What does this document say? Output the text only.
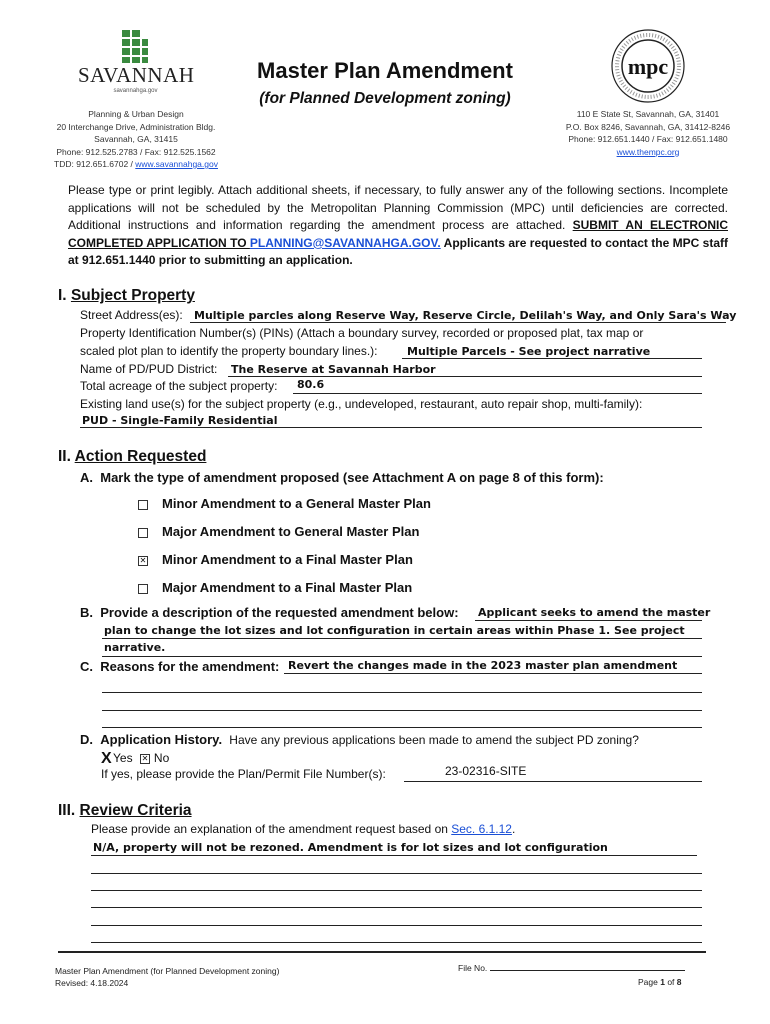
SAVANNAH
savannahga.gov
Planning & Urban Design
20 Interchange Drive, Administration Bldg.
Savannah, GA, 31415
Phone: 912.525.2783 / Fax: 912.525.1562
TDD: 912.651.6702 / www.savannahga.gov
Master Plan Amendment
(for Planned Development zoning)
mpc
110 E State St, Savannah, GA, 31401
P.O. Box 8246, Savannah, GA, 31412-8246
Phone: 912.651.1440 / Fax: 912.651.1480
www.thempc.org
Please type or print legibly. Attach additional sheets, if necessary, to fully answer any of the following sections. Incomplete applications will not be scheduled by the Metropolitan Planning Commission (MPC) until deficiencies are corrected. Additional instructions and information regarding the amendment process are attached. SUBMIT AN ELECTRONIC COMPLETED APPLICATION TO PLANNING@SAVANNAHGA.GOV. Applicants are requested to contact the MPC staff at 912.651.1440 prior to submitting an application.
I. Subject Property
Street Address(es): Multiple parcles along Reserve Way, Reserve Circle, Delilah's Way, and Only Sara's Way
Property Identification Number(s) (PINs) (Attach a boundary survey, recorded or proposed plat, tax map or
scaled plot plan to identify the property boundary lines.):	Multiple Parcels - See project narrative
Name of PD/PUD District: The Reserve at Savannah Harbor
Total acreage of the subject property: 80.6
Existing land use(s) for the subject property (e.g., undeveloped, restaurant, auto repair shop, multi-family):
PUD - Single-Family Residential
II. Action Requested
A. Mark the type of amendment proposed (see Attachment A on page 8 of this form):
Minor Amendment to a General Master Plan
Major Amendment to General Master Plan
✕ Minor Amendment to a Final Master Plan
Major Amendment to a Final Master Plan
B. Provide a description of the requested amendment below: Applicant seeks to amend the master
plan to change the lot sizes and lot configuration in certain areas within Phase 1. See project
narrative.
C. Reasons for the amendment: Revert the changes made in the 2023 master plan amendment
D. Application History. Have any previous applications been made to amend the subject PD zoning?
XYes ✕ No
If yes, please provide the Plan/Permit File Number(s):	23-02316-SITE
III. Review Criteria
Please provide an explanation of the amendment request based on Sec. 6.1.12.
N/A, property will not be rezoned. Amendment is for lot sizes and lot configuration
Master Plan Amendment (for Planned Development zoning)
Revised: 4.18.2024
File No.
Page 1 of 8
